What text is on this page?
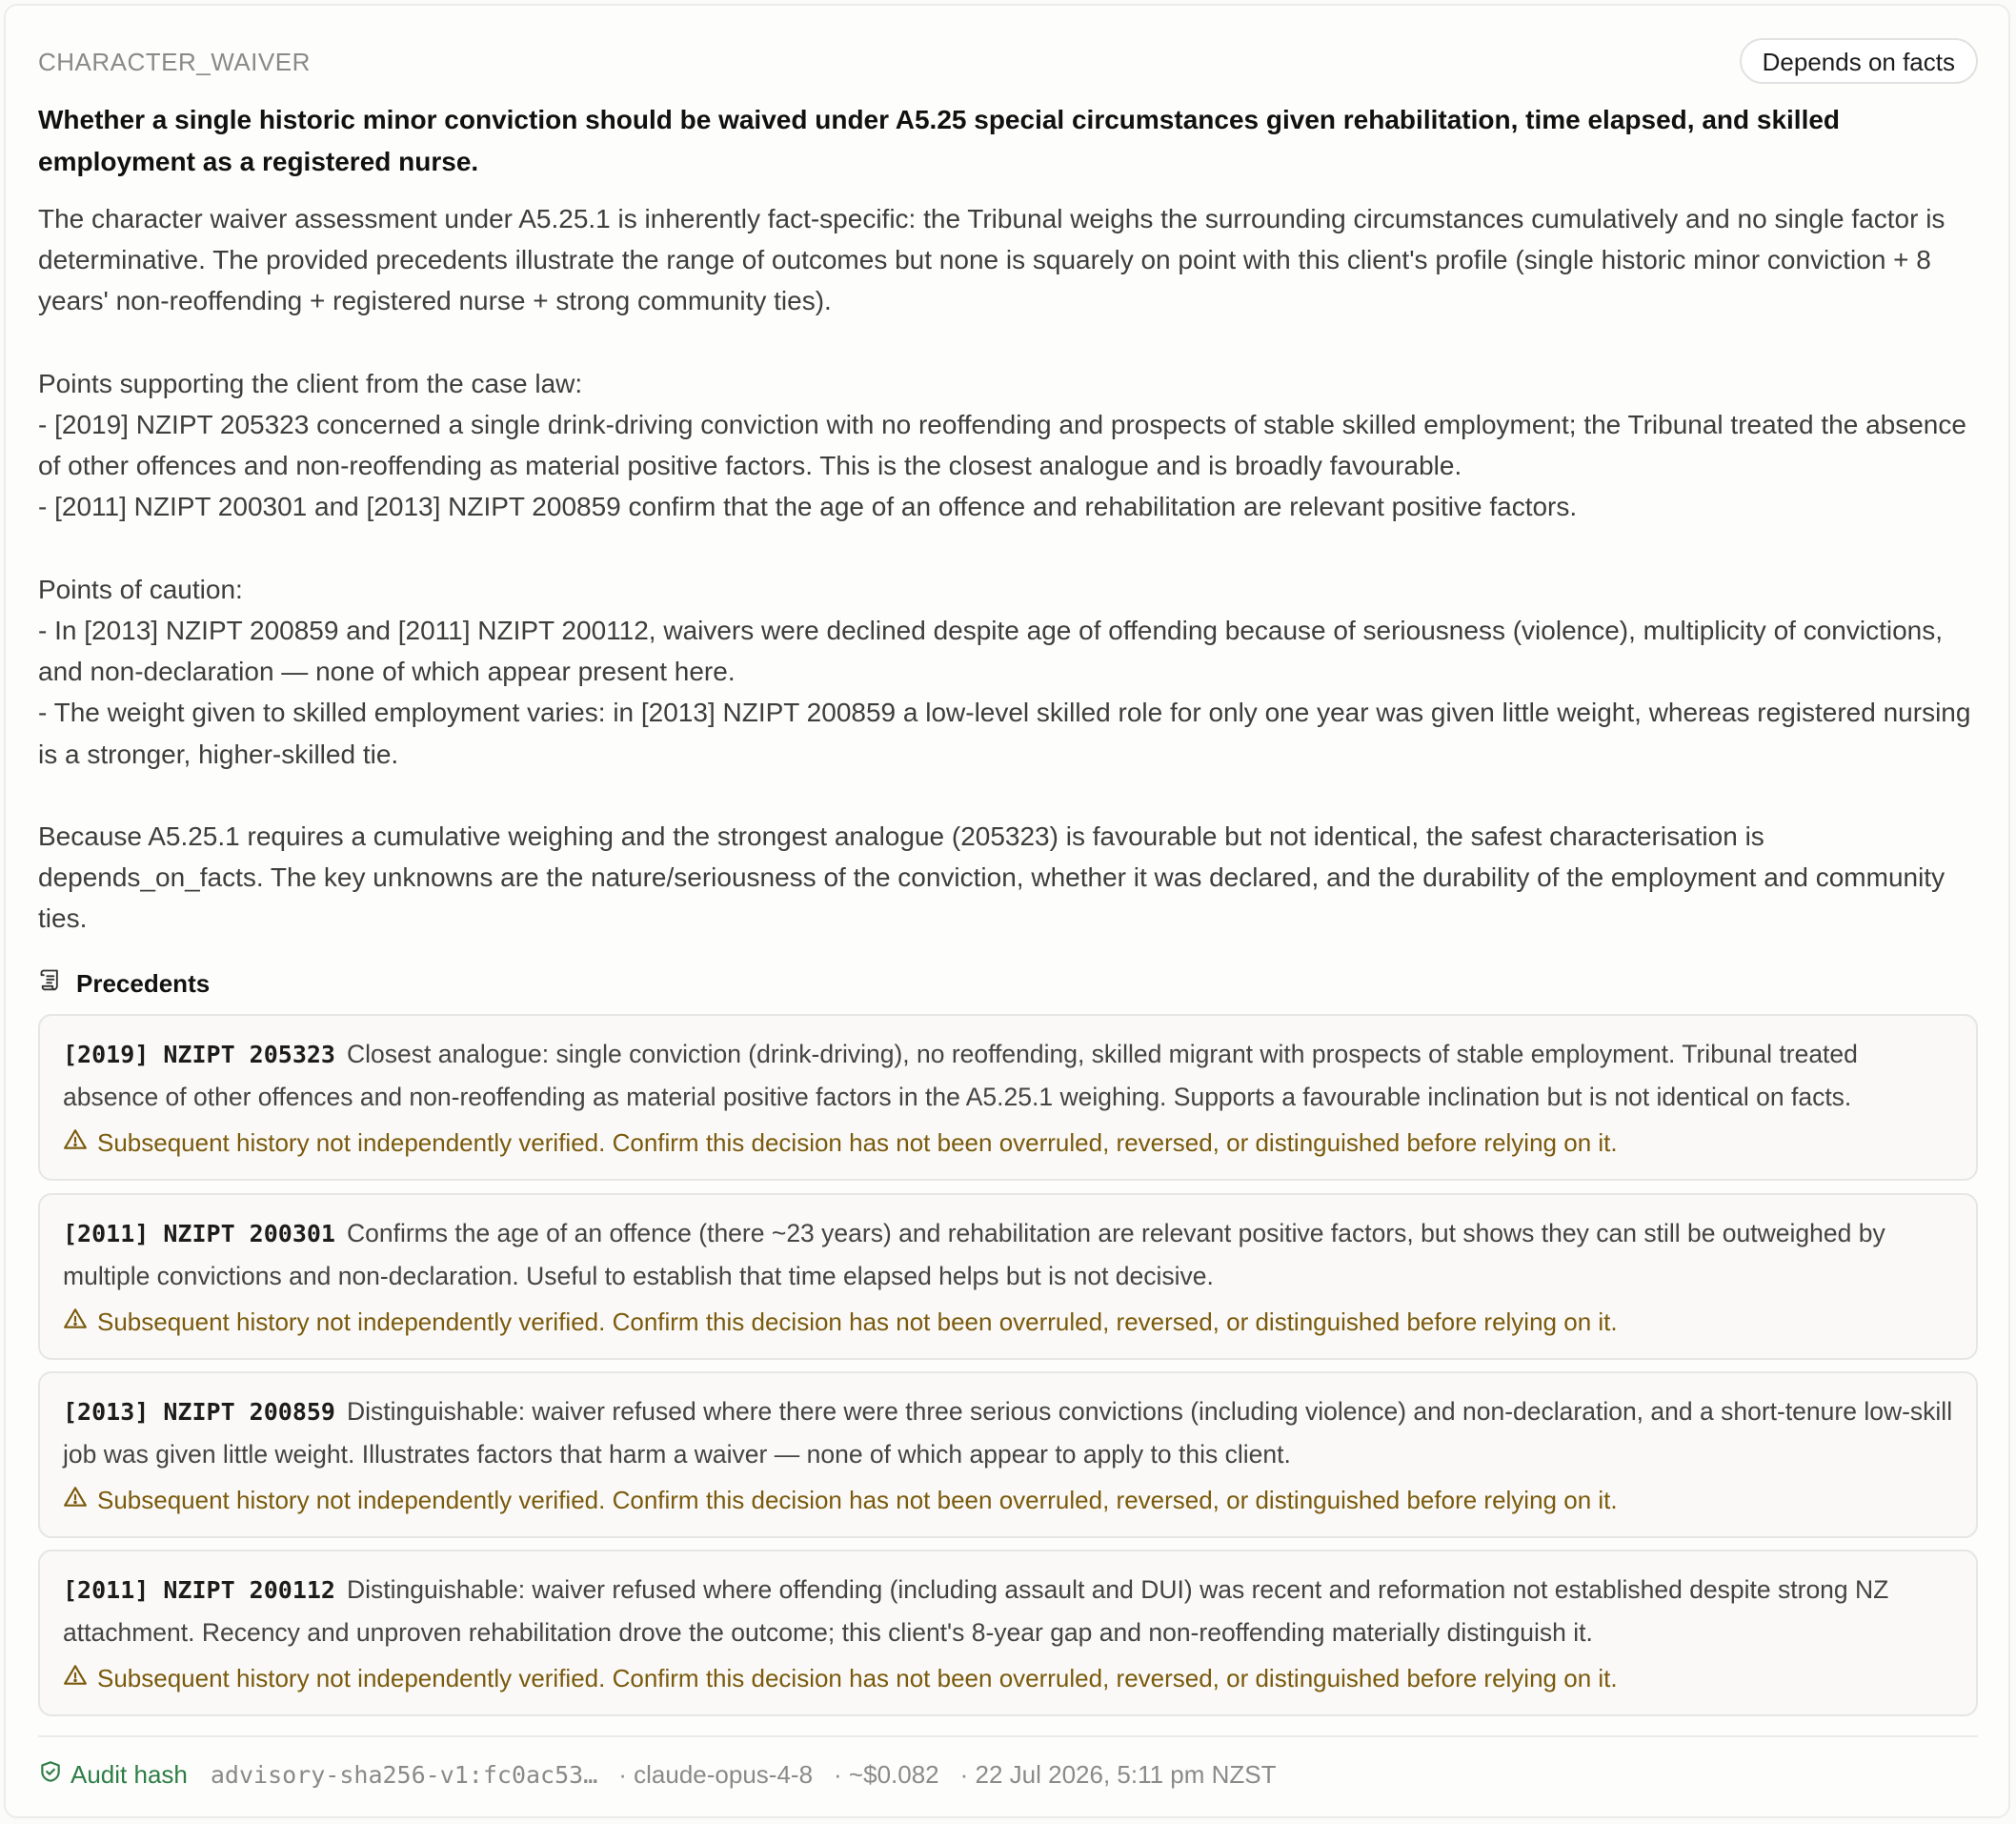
CHARACTER_WAIVER	Depends on facts
Whether a single historic minor conviction should be waived under A5.25 special circumstances given rehabilitation, time elapsed, and skilled employment as a registered nurse.
The character waiver assessment under A5.25.1 is inherently fact-specific: the Tribunal weighs the surrounding circumstances cumulatively and no single factor is determinative. The provided precedents illustrate the range of outcomes but none is squarely on point with this client's profile (single historic minor conviction + 8 years' non-reoffending + registered nurse + strong community ties).

Points supporting the client from the case law:
- [2019] NZIPT 205323 concerned a single drink-driving conviction with no reoffending and prospects of stable skilled employment; the Tribunal treated the absence of other offences and non-reoffending as material positive factors. This is the closest analogue and is broadly favourable.
- [2011] NZIPT 200301 and [2013] NZIPT 200859 confirm that the age of an offence and rehabilitation are relevant positive factors.

Points of caution:
- In [2013] NZIPT 200859 and [2011] NZIPT 200112, waivers were declined despite age of offending because of seriousness (violence), multiplicity of convictions, and non-declaration — none of which appear present here.
- The weight given to skilled employment varies: in [2013] NZIPT 200859 a low-level skilled role for only one year was given little weight, whereas registered nursing is a stronger, higher-skilled tie.

Because A5.25.1 requires a cumulative weighing and the strongest analogue (205323) is favourable but not identical, the safest characterisation is depends_on_facts. The key unknowns are the nature/seriousness of the conviction, whether it was declared, and the durability of the employment and community ties.
Precedents
[2019] NZIPT 205323 Closest analogue: single conviction (drink-driving), no reoffending, skilled migrant with prospects of stable employment. Tribunal treated absence of other offences and non-reoffending as material positive factors in the A5.25.1 weighing. Supports a favourable inclination but is not identical on facts.
Subsequent history not independently verified. Confirm this decision has not been overruled, reversed, or distinguished before relying on it.
[2011] NZIPT 200301 Confirms the age of an offence (there ~23 years) and rehabilitation are relevant positive factors, but shows they can still be outweighed by multiple convictions and non-declaration. Useful to establish that time elapsed helps but is not decisive.
Subsequent history not independently verified. Confirm this decision has not been overruled, reversed, or distinguished before relying on it.
[2013] NZIPT 200859 Distinguishable: waiver refused where there were three serious convictions (including violence) and non-declaration, and a short-tenure low-skill job was given little weight. Illustrates factors that harm a waiver — none of which appear to apply to this client.
Subsequent history not independently verified. Confirm this decision has not been overruled, reversed, or distinguished before relying on it.
[2011] NZIPT 200112 Distinguishable: waiver refused where offending (including assault and DUI) was recent and reformation not established despite strong NZ attachment. Recency and unproven rehabilitation drove the outcome; this client's 8-year gap and non-reoffending materially distinguish it.
Subsequent history not independently verified. Confirm this decision has not been overruled, reversed, or distinguished before relying on it.
Audit hash advisory-sha256-v1:fc0ac53… · claude-opus-4-8 · ~$0.082 · 22 Jul 2026, 5:11 pm NZST
